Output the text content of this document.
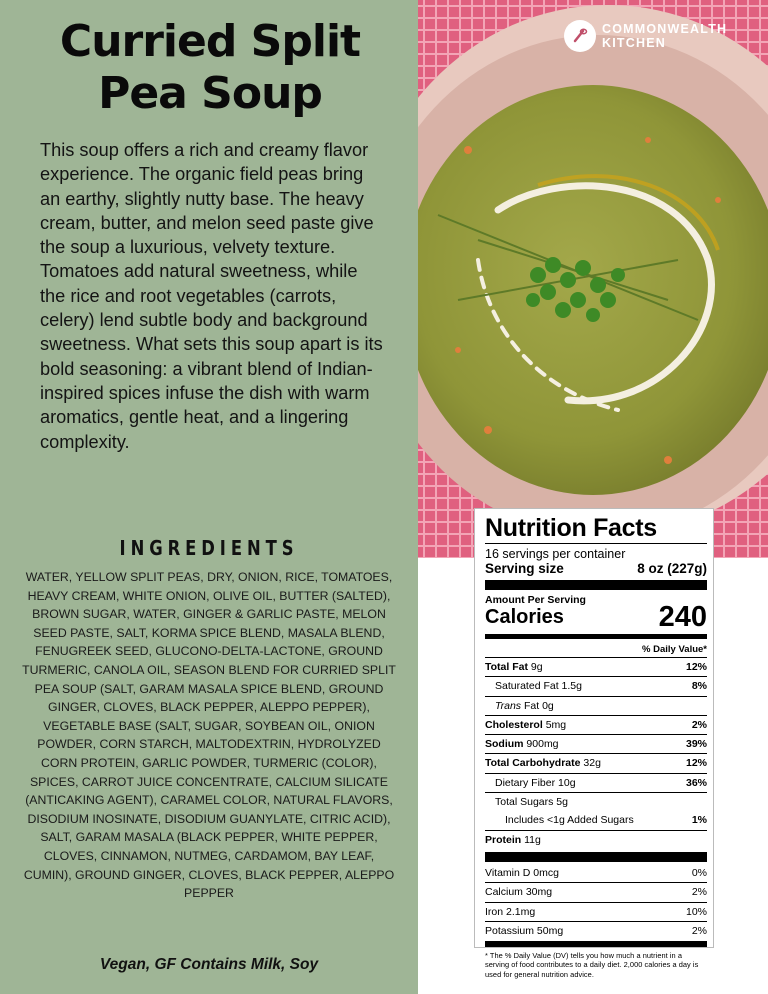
Curried Split Pea Soup

This soup offers a rich and creamy flavor experience. The organic field peas bring an earthy, slightly nutty base. The heavy cream, butter, and melon seed paste give the soup a luxurious, velvety texture. Tomatoes add natural sweetness, while the rice and root vegetables (carrots, celery) lend subtle body and background sweetness. What sets this soup apart is its bold seasoning: a vibrant blend of Indian-inspired spices infuse the dish with warm aromatics, gentle heat, and a lingering complexity.

INGREDIENTS

WATER, YELLOW SPLIT PEAS, DRY, ONION, RICE, TOMATOES, HEAVY CREAM, WHITE ONION, OLIVE OIL, BUTTER (SALTED), BROWN SUGAR, WATER, GINGER & GARLIC PASTE, MELON SEED PASTE, SALT, KORMA SPICE BLEND, MASALA BLEND, FENUGREEK SEED, GLUCONO-DELTA-LACTONE, GROUND TURMERIC, CANOLA OIL, SEASON BLEND FOR CURRIED SPLIT PEA SOUP (SALT, GARAM MASALA SPICE BLEND, GROUND GINGER, CLOVES, BLACK PEPPER, ALEPPO PEPPER), VEGETABLE BASE (SALT, SUGAR, SOYBEAN OIL, ONION POWDER, CORN STARCH, MALTODEXTRIN, HYDROLYZED CORN PROTEIN, GARLIC POWDER, TURMERIC (COLOR), SPICES, CARROT JUICE CONCENTRATE, CALCIUM SILICATE (ANTICAKING AGENT), CARAMEL COLOR, NATURAL FLAVORS, DISODIUM INOSINATE, DISODIUM GUANYLATE, CITRIC ACID), SALT, GARAM MASALA (BLACK PEPPER, WHITE PEPPER, CLOVES, CINNAMON, NUTMEG, CARDAMOM, BAY LEAF, CUMIN), GROUND GINGER, CLOVES, BLACK PEPPER, ALEPPO PEPPER

Vegan, GF Contains Milk, Soy
COMMONWEALTH
KITCHEN
Nutrition Facts
16 servings per container
Serving size	8 oz (227g)
Amount Per Serving
Calories	240
% Daily Value*
Total Fat 9g	12%
Saturated Fat 1.5g	8%
Trans Fat 0g
Cholesterol 5mg	2%
Sodium 900mg	39%
Total Carbohydrate 32g	12%
Dietary Fiber 10g	36%
Total Sugars 5g
Includes <1g Added Sugars	1%
Protein 11g
Vitamin D 0mcg	0%
Calcium 30mg	2%
Iron 2.1mg	10%
Potassium 50mg	2%
* The % Daily Value (DV) tells you how much a nutrient in a serving of food contributes to a daily diet. 2,000 calories a day is used for general nutrition advice.
